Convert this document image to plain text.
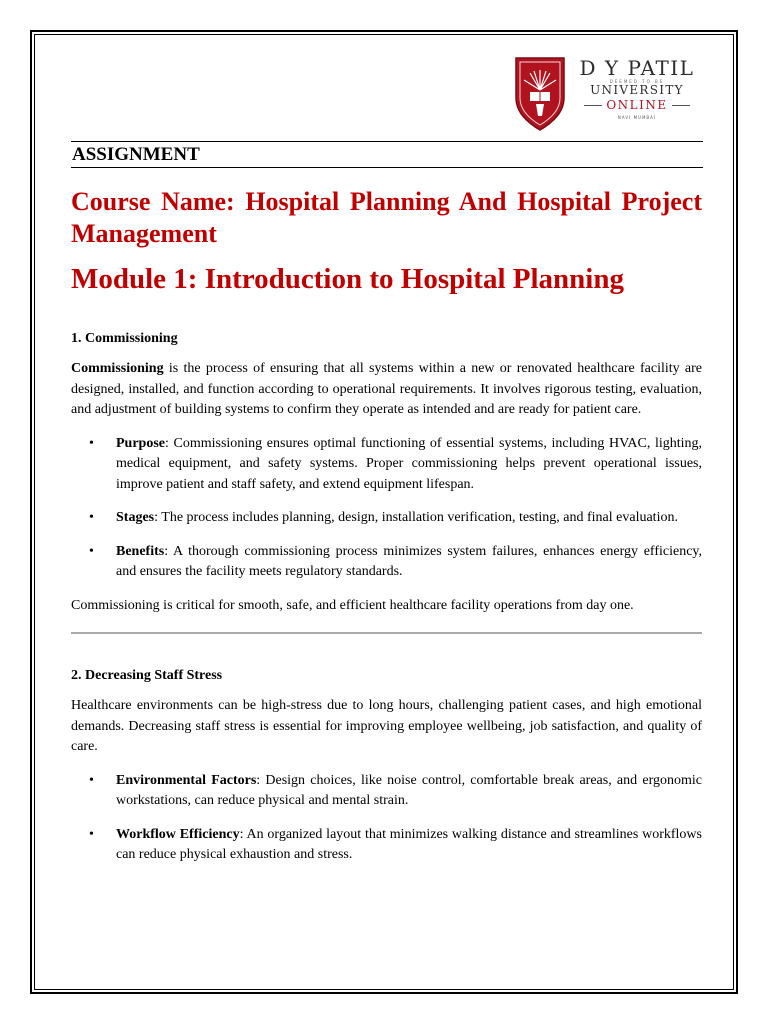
D Y PATIL
DEEMED TO BE
UNIVERSITY
ONLINE
NAVI MUMBAI
ASSIGNMENT
Course Name: Hospital Planning And Hospital Project Management
Module 1: Introduction to Hospital Planning
1. Commissioning

Commissioning is the process of ensuring that all systems within a new or renovated healthcare facility are designed, installed, and function according to operational requirements. It involves rigorous testing, evaluation, and adjustment of building systems to confirm they operate as intended and are ready for patient care.

• Purpose: Commissioning ensures optimal functioning of essential systems, including HVAC, lighting, medical equipment, and safety systems. Proper commissioning helps prevent operational issues, improve patient and staff safety, and extend equipment lifespan.
• Stages: The process includes planning, design, installation verification, testing, and final evaluation.
• Benefits: A thorough commissioning process minimizes system failures, enhances energy efficiency, and ensures the facility meets regulatory standards.

Commissioning is critical for smooth, safe, and efficient healthcare facility operations from day one.

2. Decreasing Staff Stress

Healthcare environments can be high-stress due to long hours, challenging patient cases, and high emotional demands. Decreasing staff stress is essential for improving employee wellbeing, job satisfaction, and quality of care.

• Environmental Factors: Design choices, like noise control, comfortable break areas, and ergonomic workstations, can reduce physical and mental strain.
• Workflow Efficiency: An organized layout that minimizes walking distance and streamlines workflows can reduce physical exhaustion and stress.
